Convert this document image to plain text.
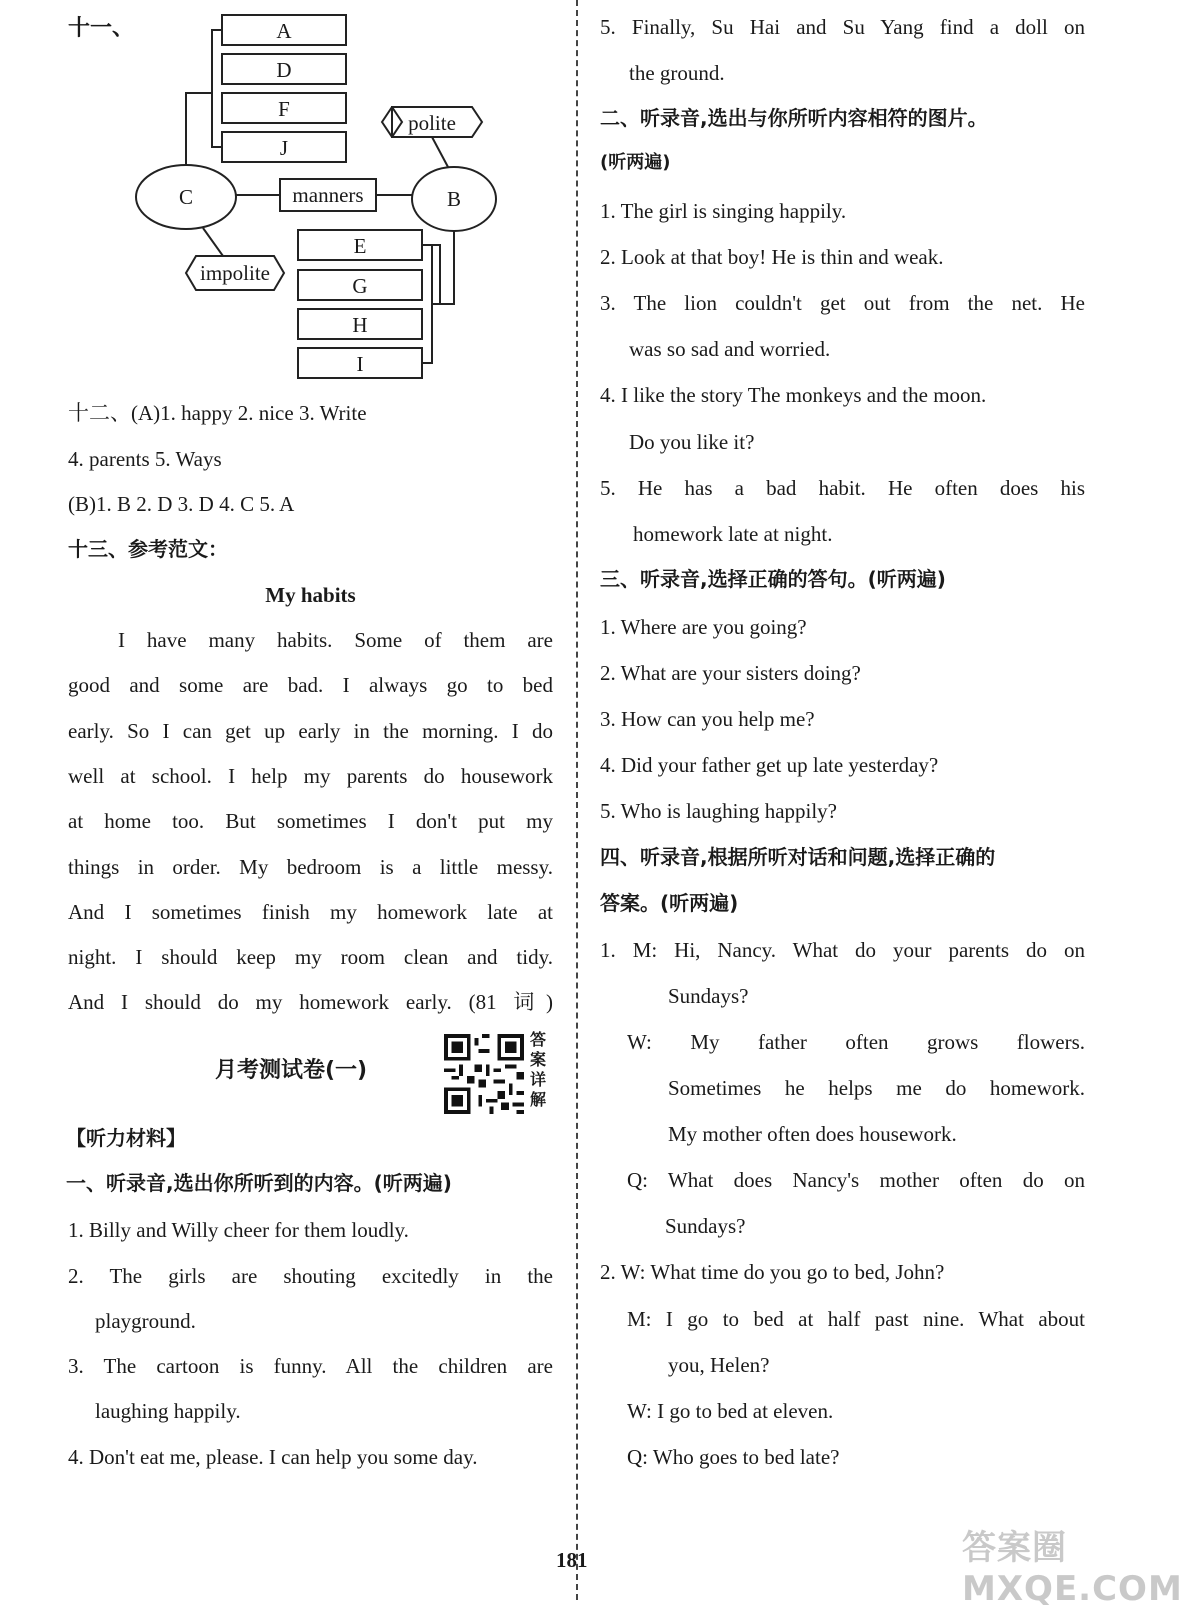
十一、	A
D
F
J
C	B
manners
polite
impolite
E
G
H
I
十二、(A)1. happy 2. nice 3. Write
4. parents 5. Ways
(B)1. B 2. D 3. D 4. C 5. A
十三、参考范文：
My habits
I have many habits. Some of them are
good and some are bad. I always go to bed
early. So I can get up early in the morning. I do
well at school. I help my parents do housework
at home too. But sometimes I don't put my
things in order. My bedroom is a little messy.
And I sometimes finish my homework late at
night. I should keep my room clean and tidy.
And I should do my homework early. (81 词)
月考测试卷(一)
答案详解
【听力材料】
一、听录音,选出你所听到的内容。(听两遍)
1. Billy and Willy cheer for them loudly.
2. The girls are shouting excitedly in the
playground.
3. The cartoon is funny. All the children are
laughing happily.
4. Don't eat me, please. I can help you some day.
5. Finally, Su Hai and Su Yang find a doll on
the ground.
二、听录音,选出与你所听内容相符的图片。
(听两遍)
1. The girl is singing happily.
2. Look at that boy! He is thin and weak.
3. The lion couldn't get out from the net. He
was so sad and worried.
4. I like the story The monkeys and the moon.
Do you like it?
5. He has a bad habit. He often does his
homework late at night.
三、听录音,选择正确的答句。(听两遍)
1. Where are you going?
2. What are your sisters doing?
3. How can you help me?
4. Did your father get up late yesterday?
5. Who is laughing happily?
四、听录音,根据所听对话和问题,选择正确的
答案。(听两遍)
1. M: Hi, Nancy. What do your parents do on
Sundays?
W: My father often grows flowers.
Sometimes he helps me do homework.
My mother often does housework.
Q: What does Nancy's mother often do on
Sundays?
2. W: What time do you go to bed, John?
M: I go to bed at half past nine. What about
you, Helen?
W: I go to bed at eleven.
Q: Who goes to bed late?
181	答案圈 MXQE.COM
